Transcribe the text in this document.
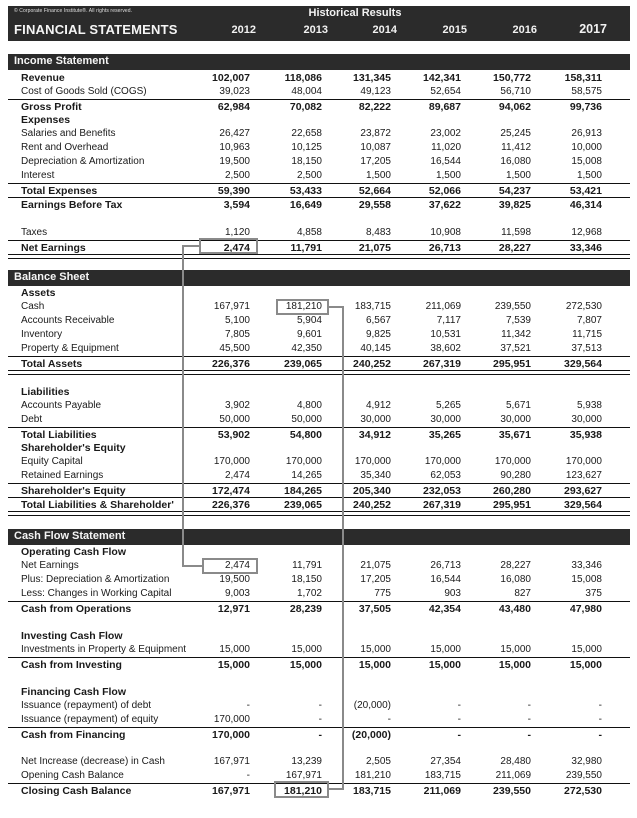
© Corporate Finance Institute®. All rights reserved.	Historical Results
FINANCIAL STATEMENTS	2012	2013	2014	2015	2016	2017
Income Statement
Revenue	102,007	118,086	131,345	142,341	150,772	158,311
Cost of Goods Sold (COGS)	39,023	48,004	49,123	52,654	56,710	58,575
Gross Profit	62,984	70,082	82,222	89,687	94,062	99,736
Expenses
Salaries and Benefits	26,427	22,658	23,872	23,002	25,245	26,913
Rent and Overhead	10,963	10,125	10,087	11,020	11,412	10,000
Depreciation & Amortization	19,500	18,150	17,205	16,544	16,080	15,008
Interest	2,500	2,500	1,500	1,500	1,500	1,500
Total Expenses	59,390	53,433	52,664	52,066	54,237	53,421
Earnings Before Tax	3,594	16,649	29,558	37,622	39,825	46,314
Taxes	1,120	4,858	8,483	10,908	11,598	12,968
Net Earnings	2,474	11,791	21,075	26,713	28,227	33,346
Balance Sheet
Assets
Cash	167,971	181,210	183,715	211,069	239,550	272,530
Accounts Receivable	5,100	5,904	6,567	7,117	7,539	7,807
Inventory	7,805	9,601	9,825	10,531	11,342	11,715
Property & Equipment	45,500	42,350	40,145	38,602	37,521	37,513
Total Assets	226,376	239,065	240,252	267,319	295,951	329,564
Liabilities
Accounts Payable	3,902	4,800	4,912	5,265	5,671	5,938
Debt	50,000	50,000	30,000	30,000	30,000	30,000
Total Liabilities	53,902	54,800	34,912	35,265	35,671	35,938
Shareholder's Equity
Equity Capital	170,000	170,000	170,000	170,000	170,000	170,000
Retained Earnings	2,474	14,265	35,340	62,053	90,280	123,627
Shareholder's Equity	172,474	184,265	205,340	232,053	260,280	293,627
Total Liabilities & Shareholder'	226,376	239,065	240,252	267,319	295,951	329,564
Cash Flow Statement
Operating Cash Flow
Net Earnings	2,474	11,791	21,075	26,713	28,227	33,346
Plus: Depreciation & Amortization	19,500	18,150	17,205	16,544	16,080	15,008
Less: Changes in Working Capital	9,003	1,702	775	903	827	375
Cash from Operations	12,971	28,239	37,505	42,354	43,480	47,980
Investing Cash Flow
Investments in Property & Equipment	15,000	15,000	15,000	15,000	15,000	15,000
Cash from Investing	15,000	15,000	15,000	15,000	15,000	15,000
Financing Cash Flow
Issuance (repayment) of debt	-	-	(20,000)	-	-	-
Issuance (repayment) of equity	170,000	-	-	-	-	-
Cash from Financing	170,000	-	(20,000)	-	-	-
Net Increase (decrease) in Cash	167,971	13,239	2,505	27,354	28,480	32,980
Opening Cash Balance	-	167,971	181,210	183,715	211,069	239,550
Closing Cash Balance	167,971	181,210	183,715	211,069	239,550	272,530
